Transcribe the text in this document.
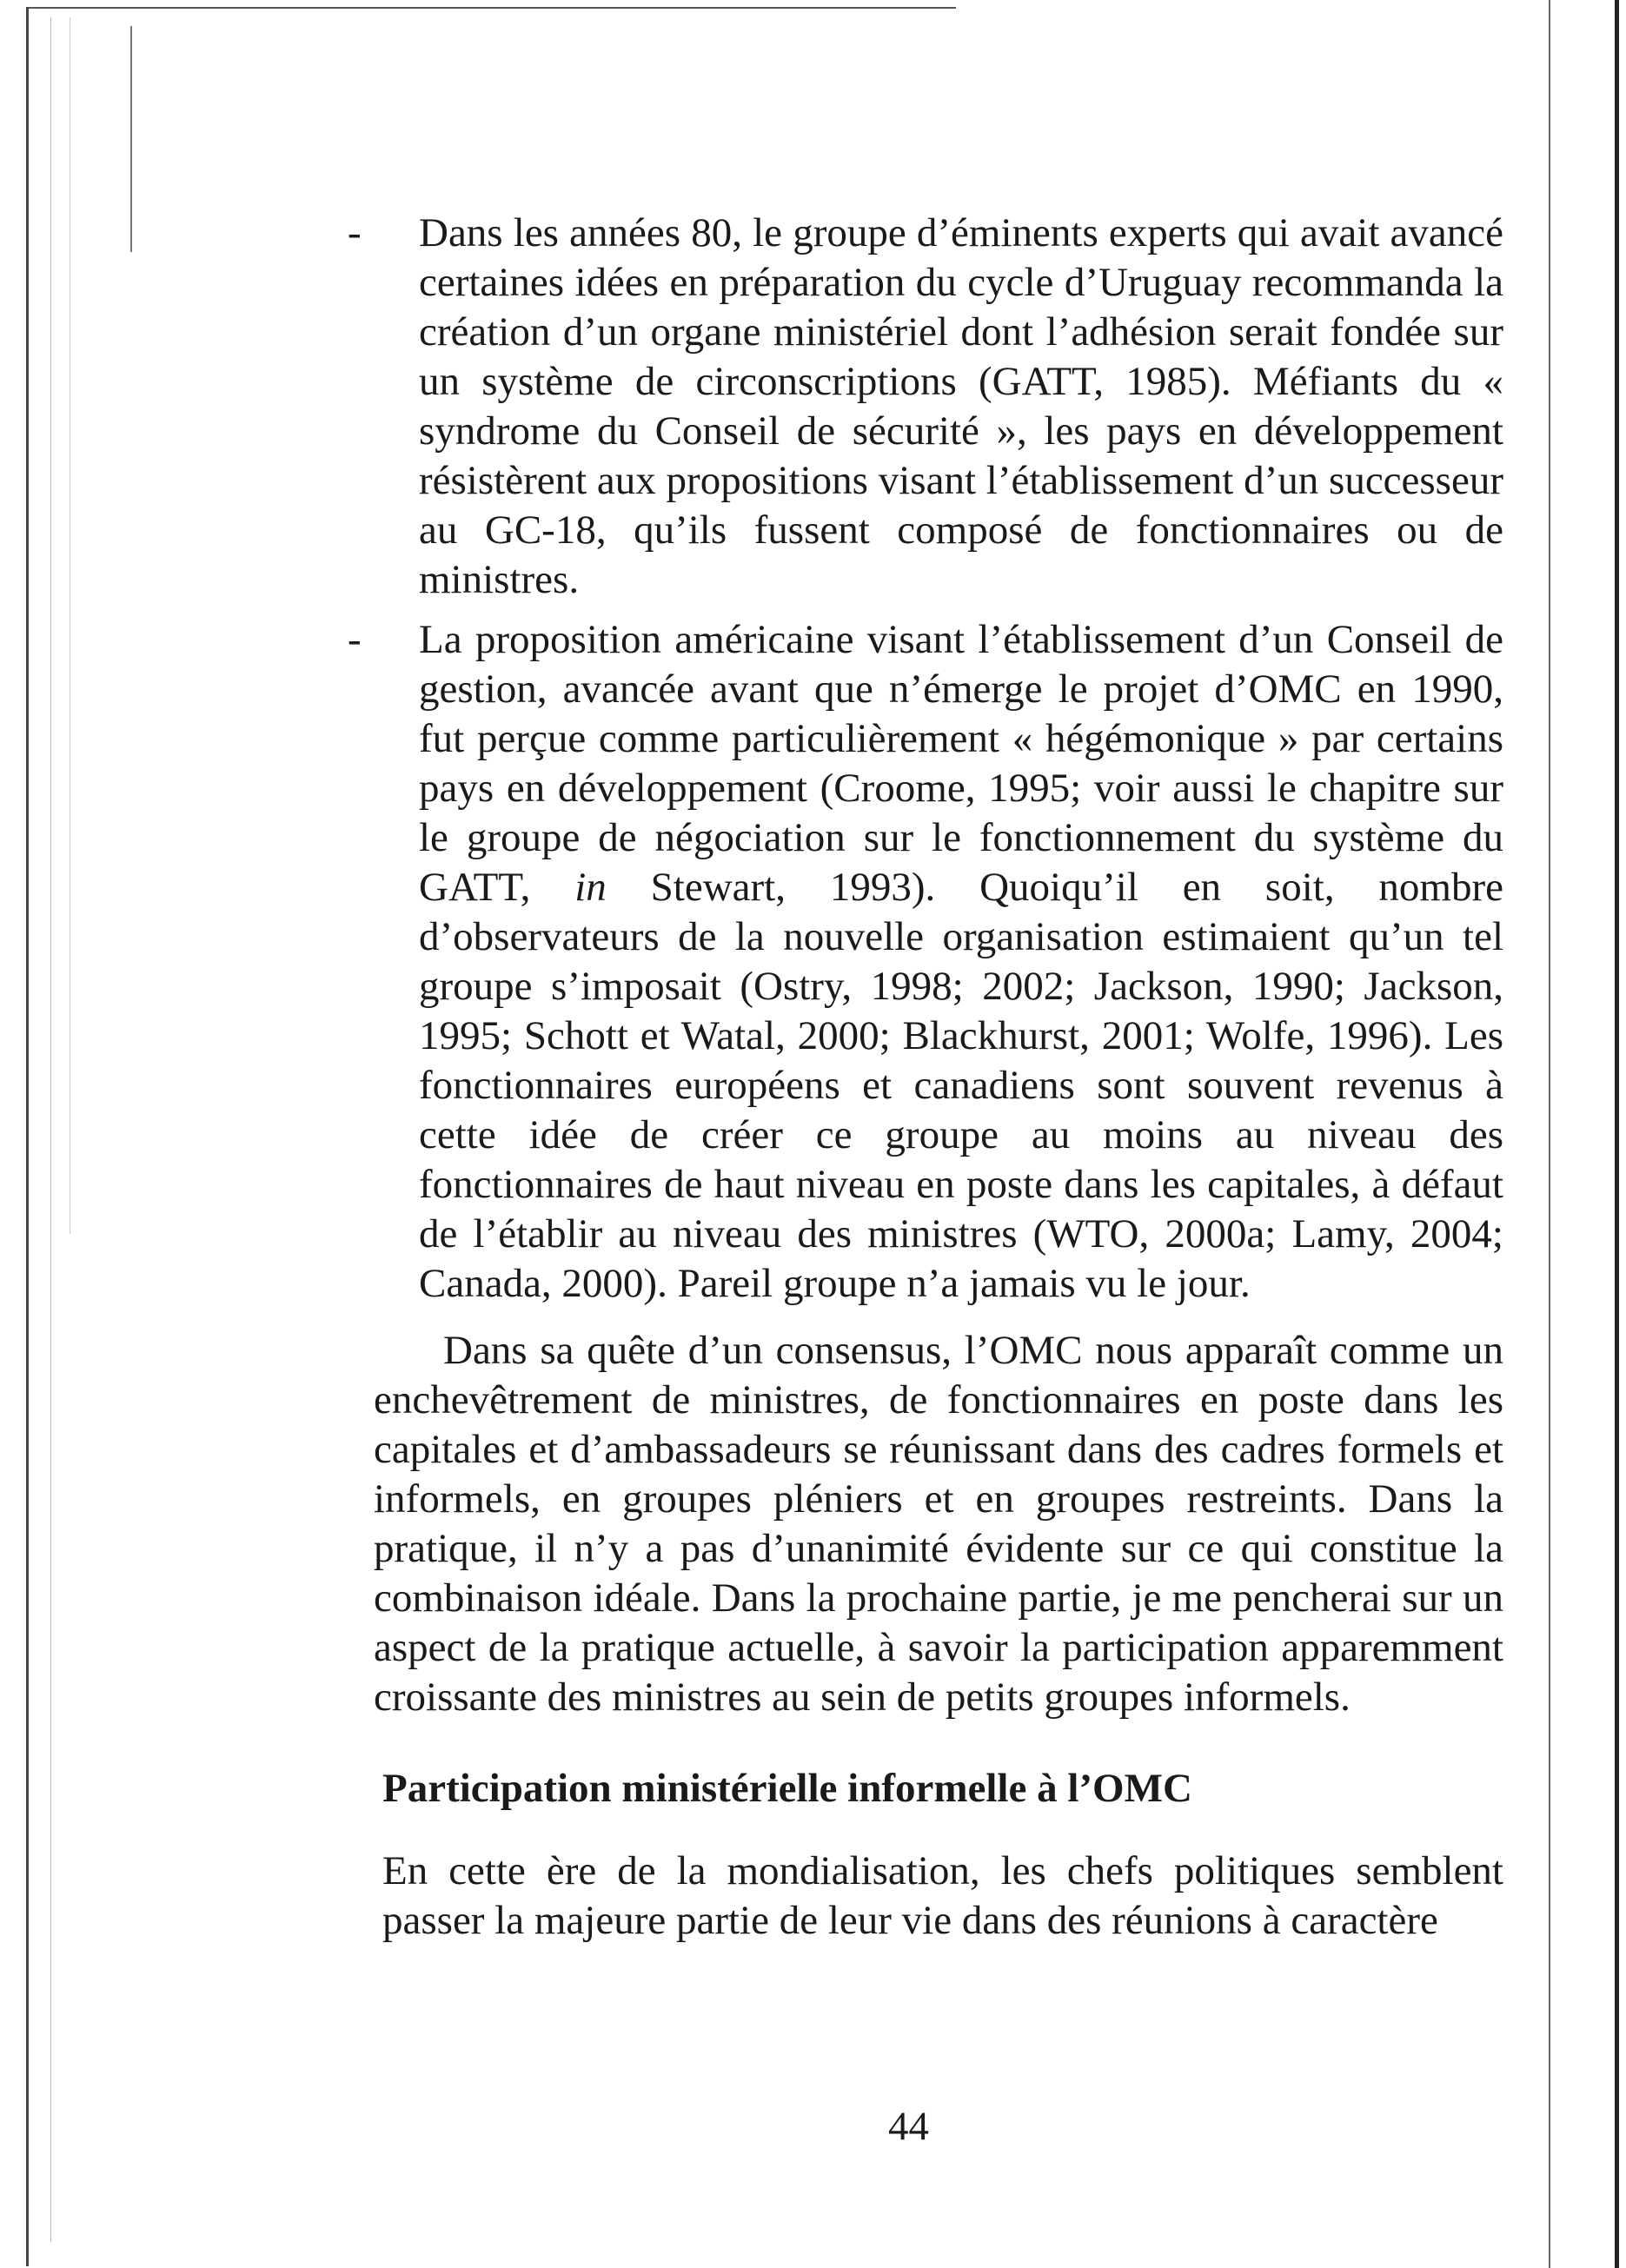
- Dans les années 80, le groupe d’éminents experts qui avait avancé certaines idées en préparation du cycle d’Uruguay recommanda la création d’un organe ministériel dont l’adhésion serait fondée sur un système de circonscriptions (GATT, 1985). Méfiants du « syndrome du Conseil de sécurité », les pays en développement résistèrent aux propositions visant l’établissement d’un successeur au GC-18, qu’ils fussent composé de fonctionnaires ou de ministres.
- La proposition américaine visant l’établissement d’un Conseil de gestion, avancée avant que n’émerge le projet d’OMC en 1990, fut perçue comme particulièrement « hégémonique » par certains pays en développement (Croome, 1995; voir aussi le chapitre sur le groupe de négociation sur le fonctionnement du système du GATT, in Stewart, 1993). Quoiqu’il en soit, nombre d’observateurs de la nouvelle organisation estimaient qu’un tel groupe s’imposait (Ostry, 1998; 2002; Jackson, 1990; Jackson, 1995; Schott et Watal, 2000; Blackhurst, 2001; Wolfe, 1996). Les fonctionnaires européens et canadiens sont souvent revenus à cette idée de créer ce groupe au moins au niveau des fonctionnaires de haut niveau en poste dans les capitales, à défaut de l’établir au niveau des ministres (WTO, 2000a; Lamy, 2004; Canada, 2000). Pareil groupe n’a jamais vu le jour.
Dans sa quête d’un consensus, l’OMC nous apparaît comme un enchevêtrement de ministres, de fonctionnaires en poste dans les capitales et d’ambassadeurs se réunissant dans des cadres formels et informels, en groupes pléniers et en groupes restreints. Dans la pratique, il n’y a pas d’unanimité évidente sur ce qui constitue la combinaison idéale. Dans la prochaine partie, je me pencherai sur un aspect de la pratique actuelle, à savoir la participation apparemment croissante des ministres au sein de petits groupes informels.
Participation ministérielle informelle à l’OMC
En cette ère de la mondialisation, les chefs politiques semblent passer la majeure partie de leur vie dans des réunions à caractère
44
